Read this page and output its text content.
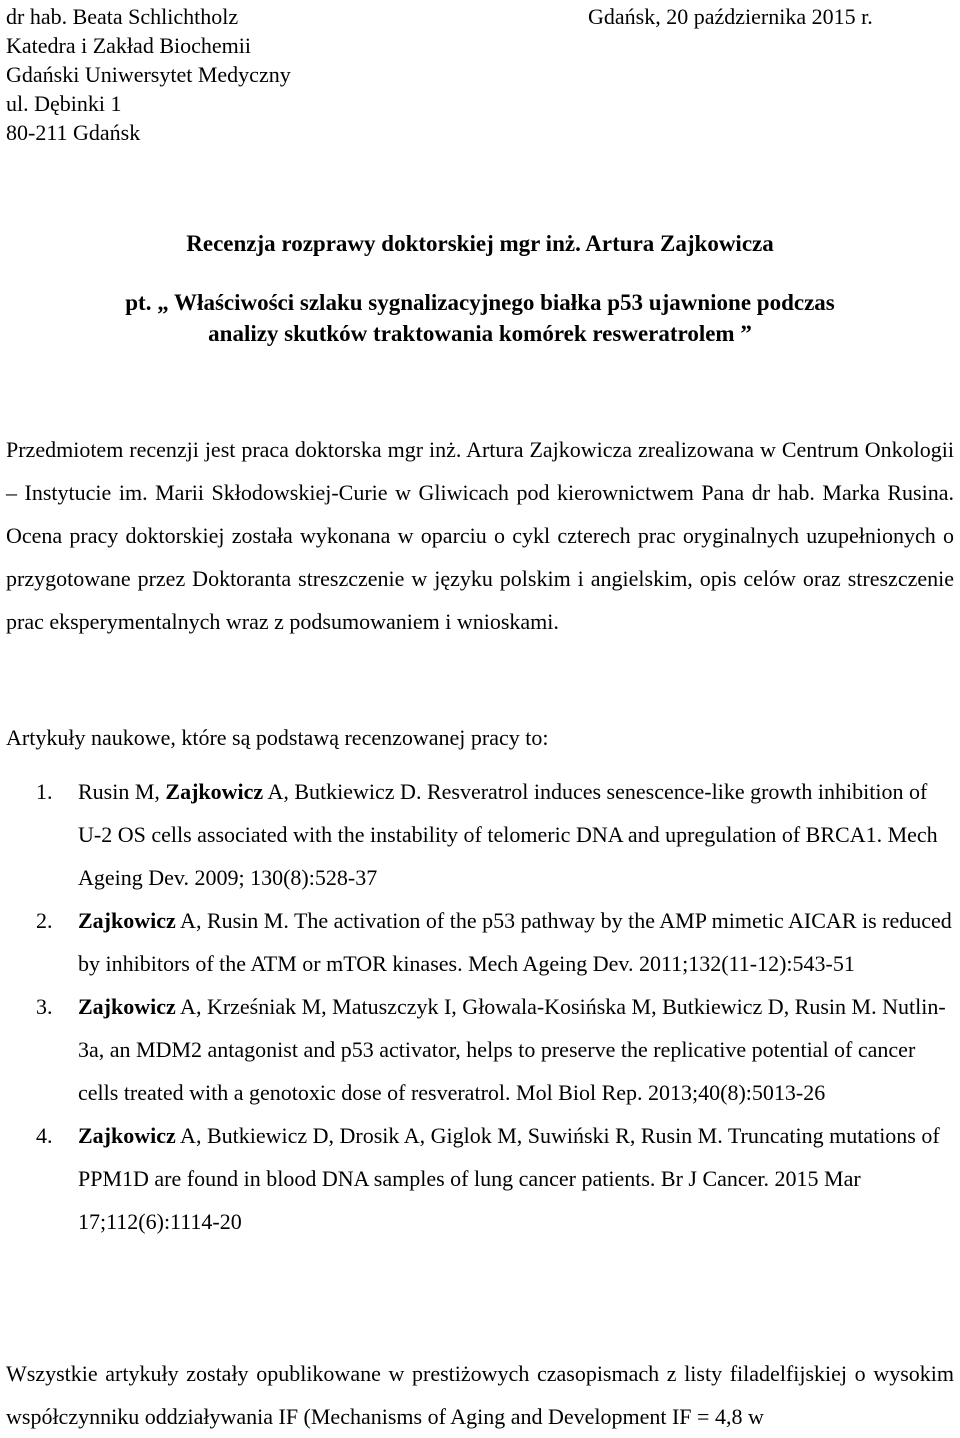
dr hab. Beata Schlichtholz
Katedra i Zakład Biochemii
Gdański Uniwersytet Medyczny
ul. Dębinki 1
80-211 Gdańsk
Gdańsk, 20 października 2015 r.
Recenzja rozprawy doktorskiej mgr inż. Artura Zajkowicza
pt. „ Właściwości szlaku sygnalizacyjnego białka p53 ujawnione podczas
analizy skutków traktowania komórek resweratrolem ”
Przedmiotem recenzji jest praca doktorska mgr inż. Artura Zajkowicza zrealizowana w Centrum Onkologii – Instytucie im. Marii Skłodowskiej-Curie w Gliwicach pod kierownictwem Pana dr hab. Marka Rusina. Ocena pracy doktorskiej została wykonana w oparciu o cykl czterech prac oryginalnych uzupełnionych o przygotowane przez Doktoranta streszczenie w języku polskim i angielskim, opis celów oraz streszczenie prac eksperymentalnych wraz z podsumowaniem i wnioskami.
Artykuły naukowe, które są podstawą recenzowanej pracy to:
1. Rusin M, Zajkowicz A, Butkiewicz D. Resveratrol induces senescence-like growth inhibition of U-2 OS cells associated with the instability of telomeric DNA and upregulation of BRCA1. Mech Ageing Dev. 2009; 130(8):528-37
2. Zajkowicz A, Rusin M. The activation of the p53 pathway by the AMP mimetic AICAR is reduced by inhibitors of the ATM or mTOR kinases. Mech Ageing Dev. 2011;132(11-12):543-51
3. Zajkowicz A, Krześniak M, Matuszczyk I, Głowala-Kosińska M, Butkiewicz D, Rusin M. Nutlin-3a, an MDM2 antagonist and p53 activator, helps to preserve the replicative potential of cancer cells treated with a genotoxic dose of resveratrol. Mol Biol Rep. 2013;40(8):5013-26
4. Zajkowicz A, Butkiewicz D, Drosik A, Giglok M, Suwiński R, Rusin M. Truncating mutations of PPM1D are found in blood DNA samples of lung cancer patients. Br J Cancer. 2015 Mar 17;112(6):1114-20
Wszystkie artykuły zostały opublikowane w prestiżowych czasopismach z listy filadelfijskiej o wysokim współczynniku oddziaływania IF (Mechanisms of Aging and Development IF = 4,8 w
